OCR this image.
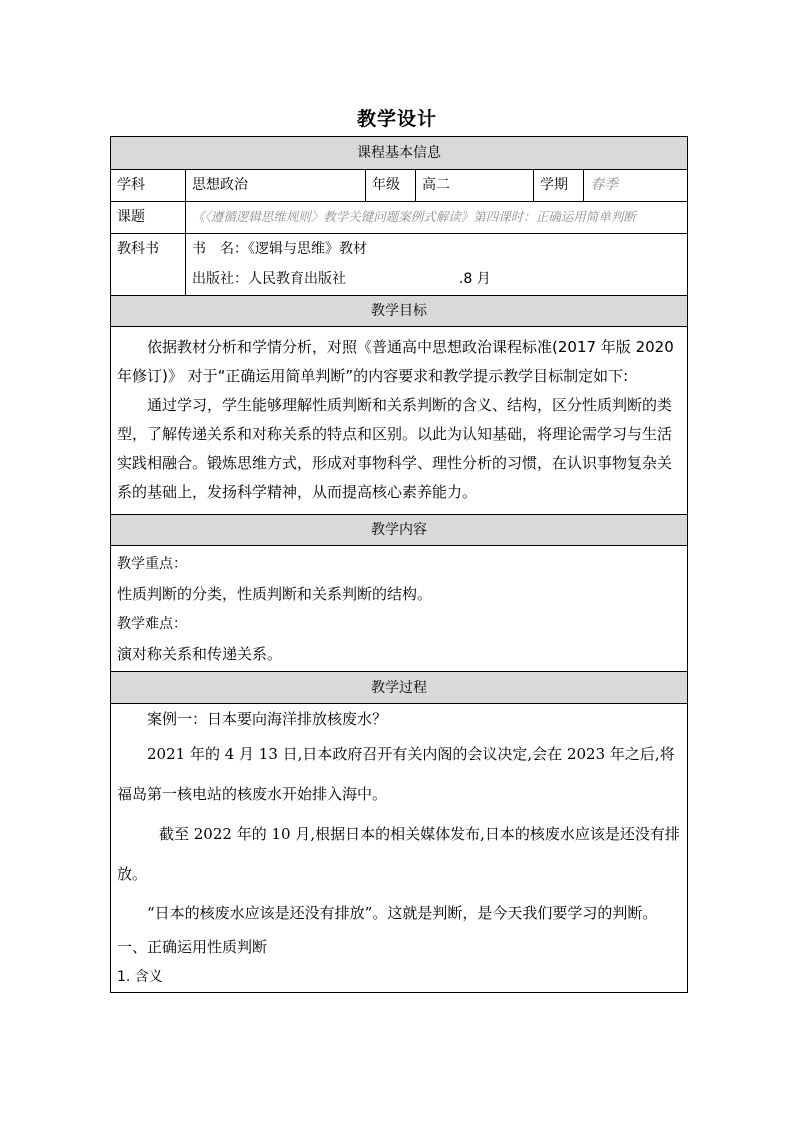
教学设计
课程基本信息
学科	思想政治	年级	高二	学期	春季
课题	《〈遵循逻辑思维规则〉教学关键问题案例式解读》第四课时：正确运用简单判断
教科书	书　名：《逻辑与思维》教材
出版社：人民教育出版社	.8 月
教学目标
依据教材分析和学情分析，对照《普通高中思想政治课程标准(2017 年版 2020 年修订)》 对于“正确运用简单判断”的内容要求和教学提示教学目标制定如下:
通过学习，学生能够理解性质判断和关系判断的含义、结构，区分性质判断的类型，了解传递关系和对称关系的特点和区别。以此为认知基础，将理论需学习与生活实践相融合。锻炼思维方式，形成对事物科学、理性分析的习惯，在认识事物复杂关系的基础上，发扬科学精神，从而提高核心素养能力。
教学内容
教学重点：
性质判断的分类，性质判断和关系判断的结构。
教学难点：
演对称关系和传递关系。
教学过程
案例一：日本要向海洋排放核废水？
2021 年的 4 月 13 日,日本政府召开有关内阁的会议决定,会在 2023 年之后,将福岛第一核电站的核废水开始排入海中。
截至 2022 年的 10 月,根据日本的相关媒体发布,日本的核废水应该是还没有排放。
“日本的核废水应该是还没有排放”。这就是判断，是今天我们要学习的判断。
一、正确运用性质判断
1. 含义
